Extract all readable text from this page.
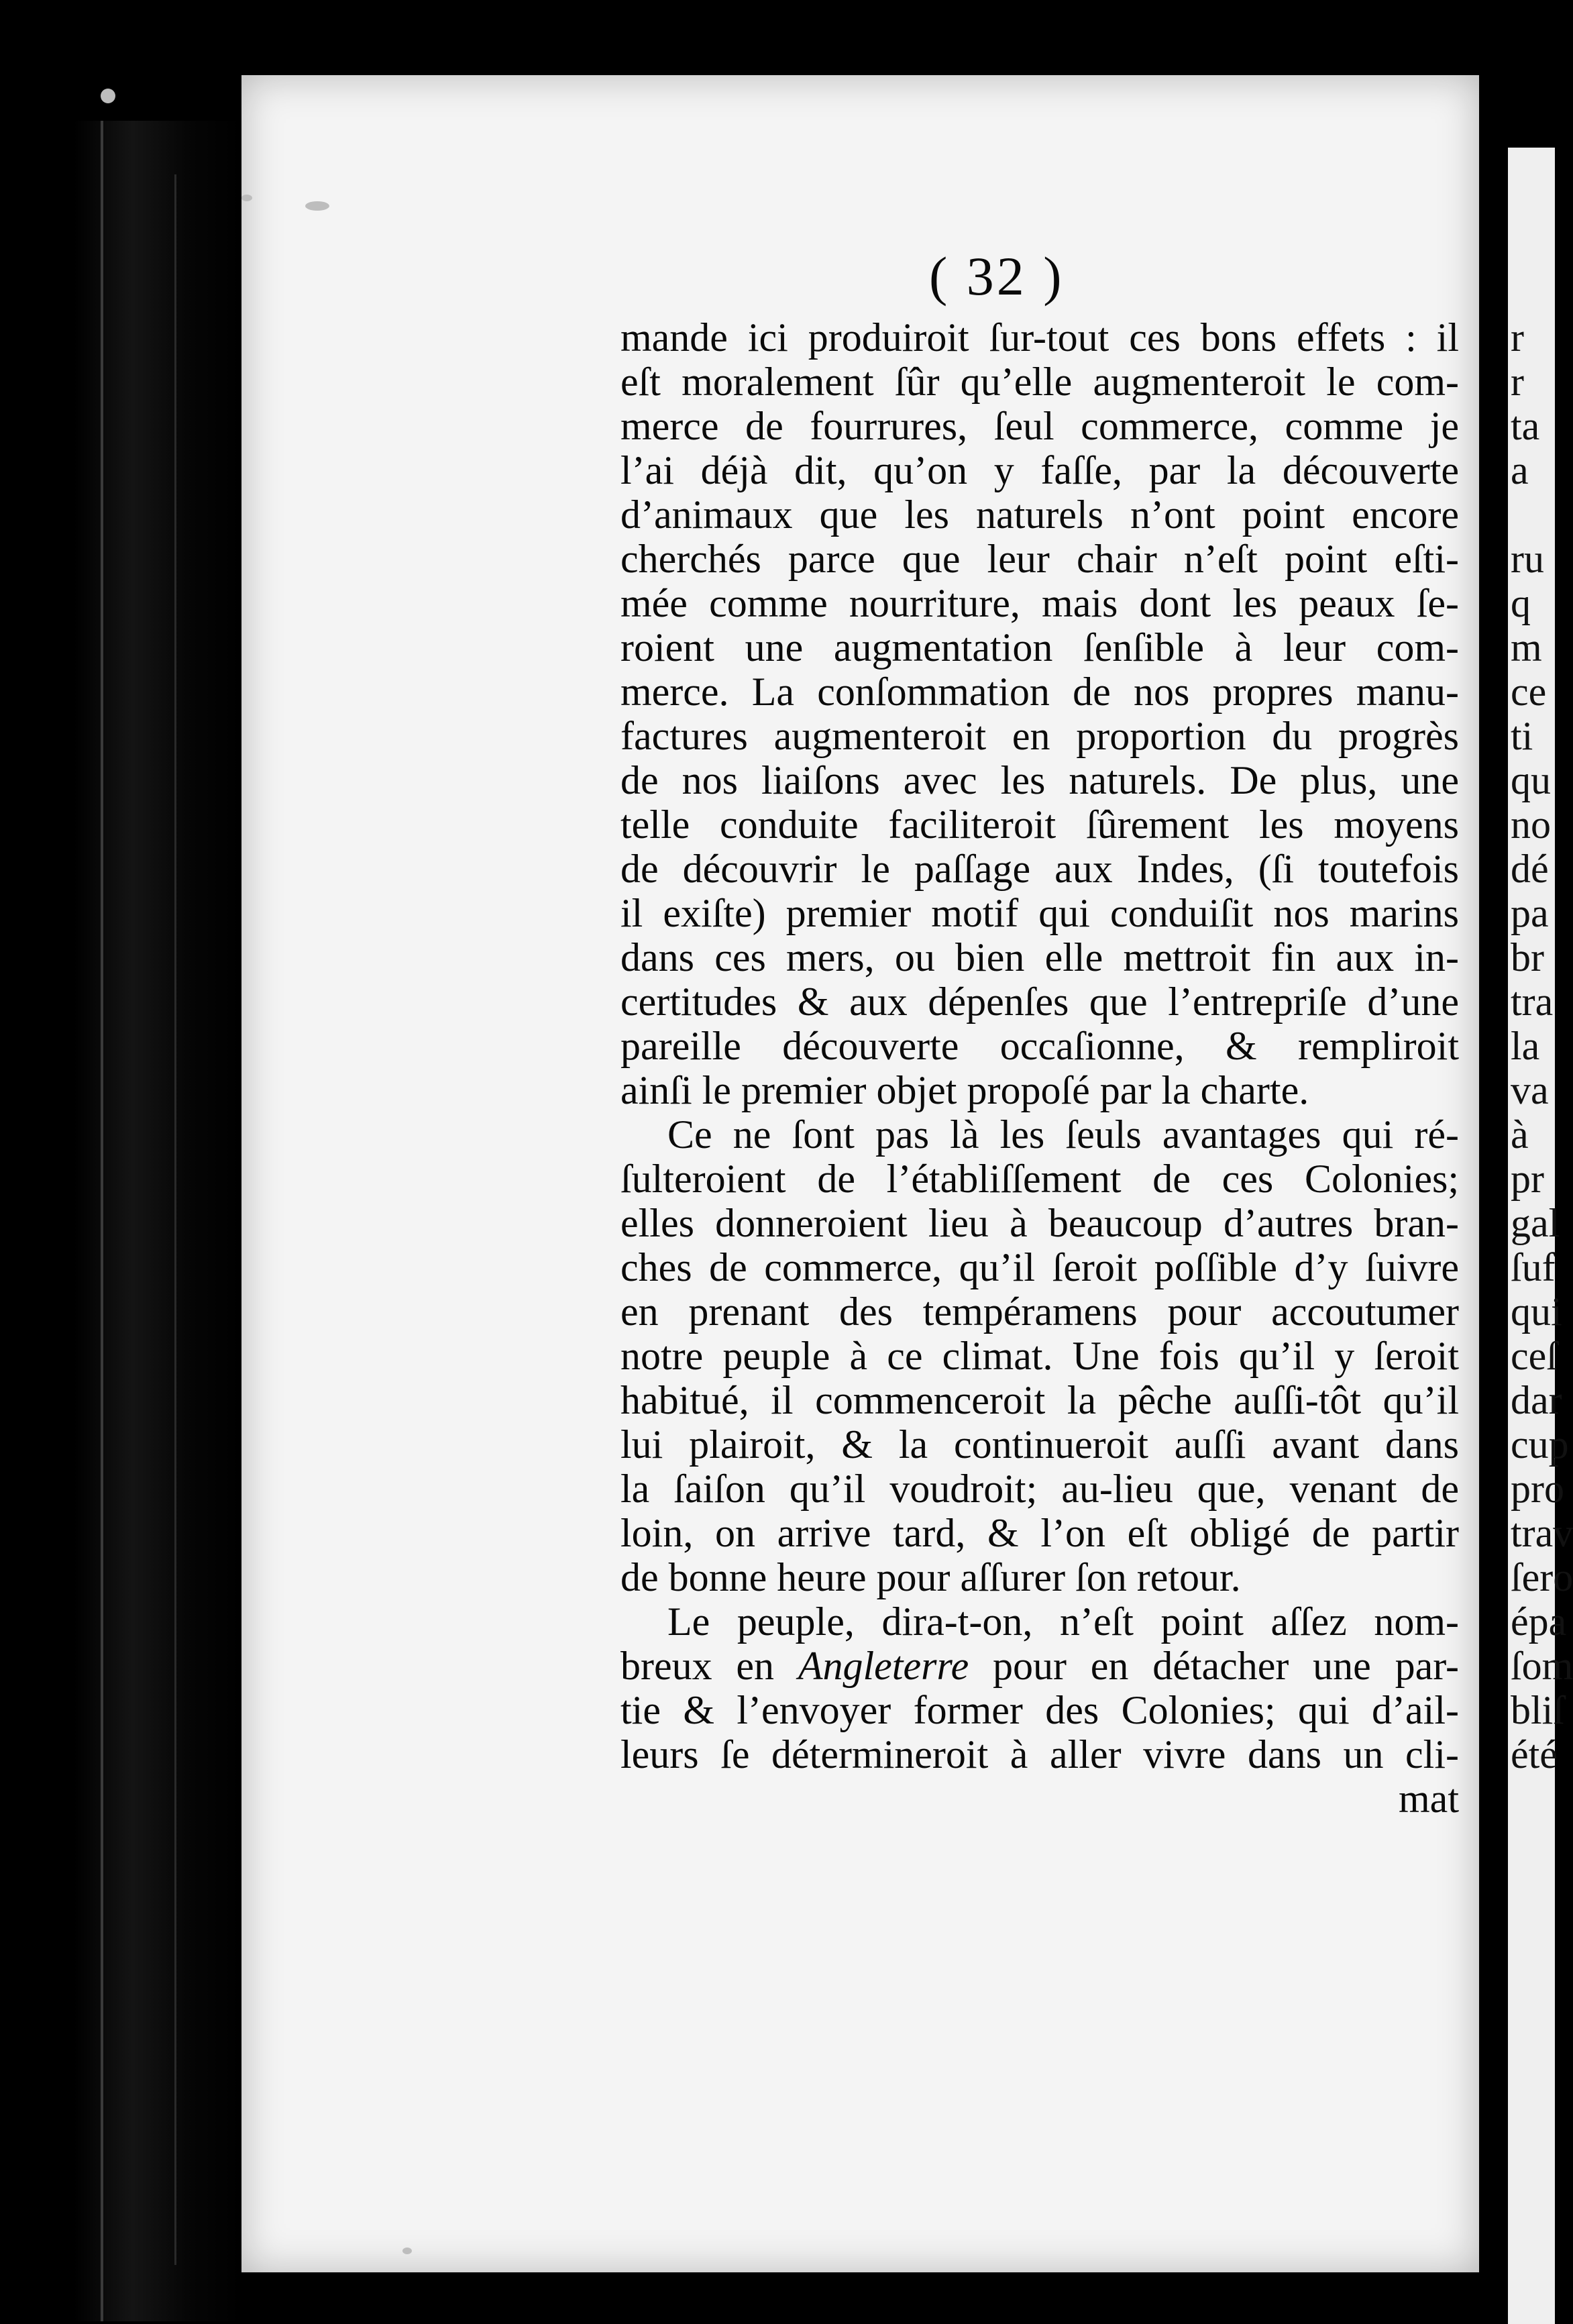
r
r
ta
a
ru
q
m
ce
ti
qu
no
dé
pa
br
tra
la
va
à
pr
gal
ſuf
qui
ceſ
dar
cup
pro
trav
ſero
épa
ſom
bliſ
été
( 32 )
mande ici produiroit ſur-tout ces bons effets : il
eſt moralement ſûr qu’elle augmenteroit le com-
merce de fourrures, ſeul commerce, comme je
l’ai déjà dit, qu’on y faſſe, par la découverte
d’animaux que les naturels n’ont point encore
cherchés parce que leur chair n’eſt point eſti-
mée comme nourriture, mais dont les peaux ſe-
roient une augmentation ſenſible à leur com-
merce. La conſommation de nos propres manu-
factures augmenteroit en proportion du progrès
de nos liaiſons avec les naturels. De plus, une
telle conduite faciliteroit ſûrement les moyens
de découvrir le paſſage aux Indes, (ſi toutefois
il exiſte) premier motif qui conduiſit nos marins
dans ces mers, ou bien elle mettroit fin aux in-
certitudes & aux dépenſes que l’entrepriſe d’une
pareille découverte occaſionne, & rempliroit
ainſi le premier objet propoſé par la charte.
Ce ne ſont pas là les ſeuls avantages qui ré-
ſulteroient de l’établiſſement de ces Colonies;
elles donneroient lieu à beaucoup d’autres bran-
ches de commerce, qu’il ſeroit poſſible d’y ſuivre
en prenant des tempéramens pour accoutumer
notre peuple à ce climat. Une fois qu’il y ſeroit
habitué, il commenceroit la pêche auſſi-tôt qu’il
lui plairoit, & la continueroit auſſi avant dans
la ſaiſon qu’il voudroit; au-lieu que, venant de
loin, on arrive tard, & l’on eſt obligé de partir
de bonne heure pour aſſurer ſon retour.
Le peuple, dira-t-on, n’eſt point aſſez nom-
breux en Angleterre pour en détacher une par-
tie & l’envoyer former des Colonies; qui d’ail-
leurs ſe détermineroit à aller vivre dans un cli-
mat
